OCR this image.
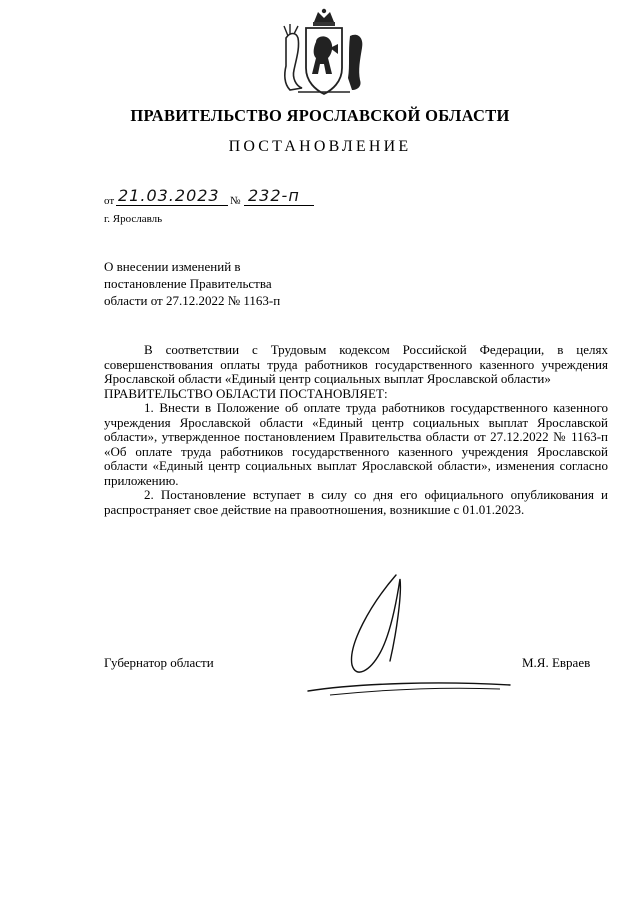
ПРАВИТЕЛЬСТВО ЯРОСЛАВСКОЙ ОБЛАСТИ
ПОСТАНОВЛЕНИЕ
от 21.03.2023 № 232-п
г. Ярославль
О внесении изменений в
постановление Правительства
области от 27.12.2022 № 1163-п

В соответствии с Трудовым кодексом Российской Федерации, в целях совершенствования оплаты труда работников государственного казенного учреждения Ярославской области «Единый центр социальных выплат Ярославской области»

ПРАВИТЕЛЬСТВО ОБЛАСТИ ПОСТАНОВЛЯЕТ:

1. Внести в Положение об оплате труда работников государственного казенного учреждения Ярославской области «Единый центр социальных выплат Ярославской области», утвержденное постановлением Правительства области от 27.12.2022 № 1163-п «Об оплате труда работников государственного казенного учреждения Ярославской области «Единый центр социальных выплат Ярославской области», изменения согласно приложению.

2. Постановление вступает в силу со дня его официального опубликования и распространяет свое действие на правоотношения, возникшие с 01.01.2023.

Губернатор области	М.Я. Евраев
